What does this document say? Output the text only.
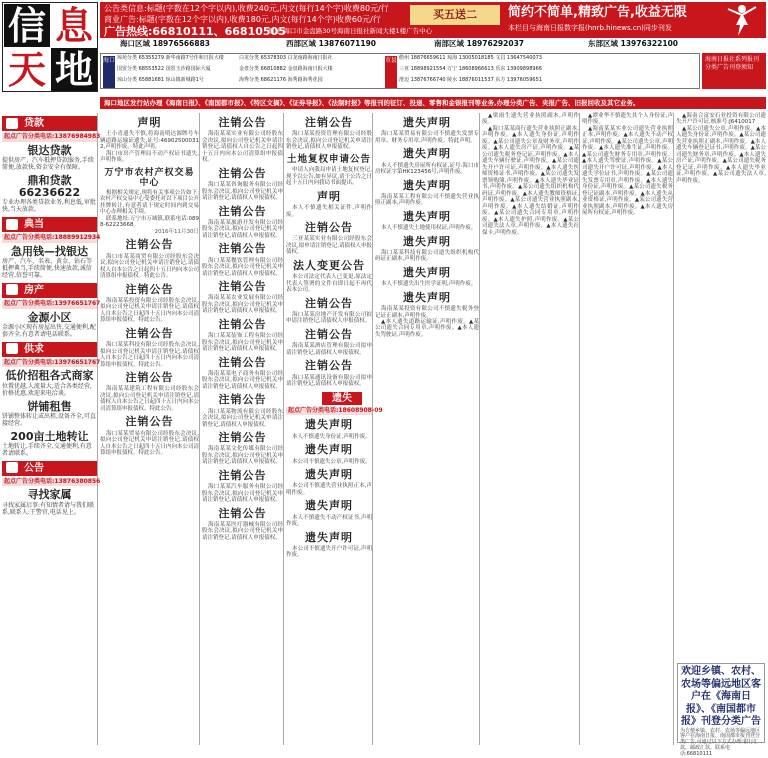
信 息
天 地
公告类信息:标题(字数在12个字以内),收费240元,内文(每行14个字)收费80元/行
商业广告:标题(字数在12个字以内),收费180元,内文(每行14个字)收费60元/行
广告热线:66810111、66810505
地址:海口市金盘路30号海南日报社新闻大楼1楼广告中心
买五送二	简约不简单,精致广告,收益无限
本栏目与海南日报数字报(hnrb.hinews.cn)同步刊发
海口区域 18976566883	西部区域 13876071190	南部区域 18976292037	东部区域 13976322100
海口 琼苑分类 65355279 新华南路7号佳和日报大楼
国贸分类 68553522 国贸玉沙路国际大厦
琼山分类 65881681 琼山镇新城路1号
白龙分类 65378303 白龙南路海南日报社
金盘分类 66810882 金盘路海南日报大楼
海秀分类 68621176 海秀路海秀花园
市县 儋州 18876659611 琼海 13005018185 文昌 13647540073
三亚 18898921554 万宁 18608966613 乐东 13909898966
澄迈 13876766740 陵水 18876011537 东方 13976059651
海南日报社系列报刊分类广告刊登须知
海口地区发行站办理《海南日报》、《南国都市报》、《特区文摘》、《证券导报》、《法制时报》等报刊的征订、投递、零售和金银报刊等业务,办理分类广告、夹报广告、旧报回收及其它业务。
贷款
起点广告分类电话:13876984983
银达贷款
提供房产、汽车抵押贷款服务,手续简便,放款快,资金安全有保障。
鼎和贷款66236622
专业办理各类贷款业务,利息低,审批快,当天放款。
典当
起点广告分类电话:18889912934
急用钱—找银达
房产、汽车、名表、黄金、钻石等抵押典当,手续简便,快速放款,诚信经营,信誉可靠。
房产
起点广告分类电话:13976651767
金源小区
金源小区现有房屋出售,交通便利,配套齐全,有意者请电话联系。
供求
起点广告分类电话:13976651767
低价招租各式商家
位置优越,人流量大,适合各类经营,价格优惠,欢迎来电洽谈。
饼铺租售
饼铺整体转让或出租,设备齐全,可直接经营。
200亩土地转让
土地转让,手续齐全,交通便利,有意者请联系。
公告
起点广告分类电话:13876380856
寻找家属
寻找家属启事:有知情者请与我们联系,联系人:王警官,电话见上。
声明
王小青遗失不慎,将海南明达源牌号车辆道路运输证遗失,证号:469025000312,声明作废。特此声明。
海口市房产管理局不动产权证书遗失,声明作废。
万宁市农村产权交易中心
根据相关规定,现将有关事项公告如下:农村产权交易中心受委托对以下项目公开挂牌转让,有意者请于规定时间内到交易中心办理相关手续。
联系地址:万宁市万城镇,联系电话:0898-62223668。
2016年11月30日
注销公告
海口市某某商贸有限公司经股东会决议,拟向公司登记机关申请注销登记,请债权人自本公告之日起四十五日内向本公司清算组申报债权。特此公告。
注销公告
海南某某投资有限公司经股东会决议,拟向公司登记机关申请注销登记,请债权人自本公告之日起四十五日内向本公司清算组申报债权。特此公告。
注销公告
海口某某科技有限公司经股东会决议,拟向公司登记机关申请注销登记,请债权人自本公告之日起四十五日内向本公司清算组申报债权。特此公告。
注销公告
海南某某建筑工程有限公司经股东会决议,拟向公司登记机关申请注销登记,请债权人自本公告之日起四十五日内向本公司清算组申报债权。特此公告。
注销公告
海口某某贸易有限公司经股东会决议,拟向公司登记机关申请注销登记,请债权人自本公告之日起四十五日内向本公司清算组申报债权。特此公告。
注销公告
海南某某实业有限公司经股东会决议,拟向公司登记机关申请注销登记,请债权人自公告之日起四十五日内向本公司清算组申报债权。
注销公告
海口某某咨询服务有限公司经股东会决议,拟向公司登记机关申请注销登记,请债权人申报债权。
注销公告
海南某某旅游开发有限公司经股东会决议,拟向公司登记机关申请注销登记,请债权人申报债权。
注销公告
海口某某餐饮管理有限公司经股东会决议,拟向公司登记机关申请注销登记,请债权人申报债权。
注销公告
海南某某农业发展有限公司经股东会决议,拟向公司登记机关申请注销登记,请债权人申报债权。
注销公告
海口某某装饰工程有限公司经股东会决议,拟向公司登记机关申请注销登记,请债权人申报债权。
注销公告
海南某某电子商务有限公司经股东会决议,拟向公司登记机关申请注销登记,请债权人申报债权。
注销公告
海口某某物流有限公司经股东会决议,拟向公司登记机关申请注销登记,请债权人申报债权。
注销公告
海南某某文化传媒有限公司经股东会决议,拟向公司登记机关申请注销登记,请债权人申报债权。
注销公告
海口某某汽车服务有限公司经股东会决议,拟向公司登记机关申请注销登记,请债权人申报债权。
注销公告
海南某某医疗器械有限公司经股东会决议,拟向公司登记机关申请注销登记,请债权人申报债权。
注销公告
海口某某投资管理有限公司经股东会决议,拟向公司登记机关申请注销登记,请债权人申报债权。
土地复权申请公告
申请人向我局申请土地复权登记,现予以公告,如有异议,请于公告之日起十五日内向我局书面提出。
声明
本人不慎遗失相关证件,声明作废。
注销公告
三亚某某实业有限公司经股东会决议,拟申请注销登记,请债权人申报债权。
法人变更公告
本公司法定代表人已变更,原法定代表人签署的文件自即日起不再代表本公司。
注销公告
海口某某房地产开发有限公司拟申请注销登记,请债权人申报债权。
注销公告
海南某某酒店管理有限公司拟申请注销登记,请债权人申报债权。
注销公告
海口某某通讯设备有限公司拟申请注销登记,请债权人申报债权。
遗失
起点广告分类电话:18608908-09
遗失声明
本人不慎遗失身份证,声明作废。
遗失声明
本公司不慎遗失公章,声明作废。
遗失声明
本公司不慎遗失营业执照正本,声明作废。
遗失声明
本人不慎遗失不动产权证书,声明作废。
遗失声明
本公司不慎遗失开户许可证,声明作废。
遗失声明
海口某某贸易有限公司不慎遗失发票专用章、财务专用章,声明作废。特此声明。
遗失声明
本人不慎遗失房屋所有权证,证号:海口市房权证字第HK123456号,声明作废。
遗失声明
海南某某工程有限公司不慎遗失营业执照正副本,声明作废。
遗失声明
本人不慎遗失土地使用权证,声明作废。
遗失声明
海口某某科技有限公司遗失组织机构代码证正副本,声明作废。
遗失声明
本人不慎遗失出生医学证明,声明作废。
遗失声明
海南某某投资有限公司不慎遗失税务登记证正副本,声明作废。
▲本人遗失道路运输证,声明作废。▲某公司遗失合同专用章,声明作废。▲本人遗失驾驶证,声明作废。
▲梁雨生遗失营业执照副本,声明作废。
▲海口某某商行遗失营业执照正副本,声明作废。▲本人遗失身份证,声明作废。▲某公司遗失公章及财务章,声明作废。▲本人遗失房产证,声明作废。▲某公司遗失税务登记证,声明作废。▲本人遗失车辆行驶证,声明作废。▲某公司遗失开户许可证,声明作废。▲本人遗失医师资格证书,声明作废。▲某公司遗失发票领购簿,声明作废。▲本人遗失毕业证书,声明作废。▲某公司遗失组织机构代码证,声明作废。▲本人遗失教师资格证,声明作废。▲某公司遗失营业执照副本,声明作废。▲本人遗失结婚证,声明作废。▲某公司遗失合同专用章,声明作废。▲本人遗失护照,声明作废。▲某公司遗失法人章,声明作废。▲本人遗失社保卡,声明作废。
▲谭业华不慎遗失其个人身份证,声明作废。
▲海南某某实业公司遗失营业执照正本,声明作废。▲本人遗失不动产权证,声明作废。▲某公司遗失公章,声明作废。▲本人遗失准生证,声明作废。▲某公司遗失财务专用章,声明作废。▲本人遗失驾驶证,声明作废。▲某公司遗失开户许可证,声明作废。▲本人遗失学位证书,声明作废。▲某公司遗失发票专用章,声明作废。▲本人遗失身份证,声明作废。▲某公司遗失税务登记证副本,声明作废。▲本人遗失从业资格证,声明作废。▲某公司遗失营业执照副本,声明作废。▲本人遗失房屋所有权证,声明作废。
▲海南合富安石业投资有限公司遗失开户许可证,核准号:J6410017
▲某公司遗失公章,声明作废。▲本人遗失身份证,声明作废。▲某公司遗失营业执照正副本,声明作废。▲本人遗失车辆登记证书,声明作废。▲某公司遗失财务章,声明作废。▲本人遗失房产证,声明作废。▲某公司遗失税务登记证,声明作废。▲本人遗失毕业证,声明作废。▲某公司遗失法人章,声明作废。
欢迎乡镇、农村、农场等偏远地区客户在《海南日报》、《南国都市报》刊登分类广告
为方便乡镇、农村、农场等偏远地区客户在海南日报、南国都市报刊登分类广告,可通过以下方式办理:银行汇款、邮政汇款。联系电话:66810111
